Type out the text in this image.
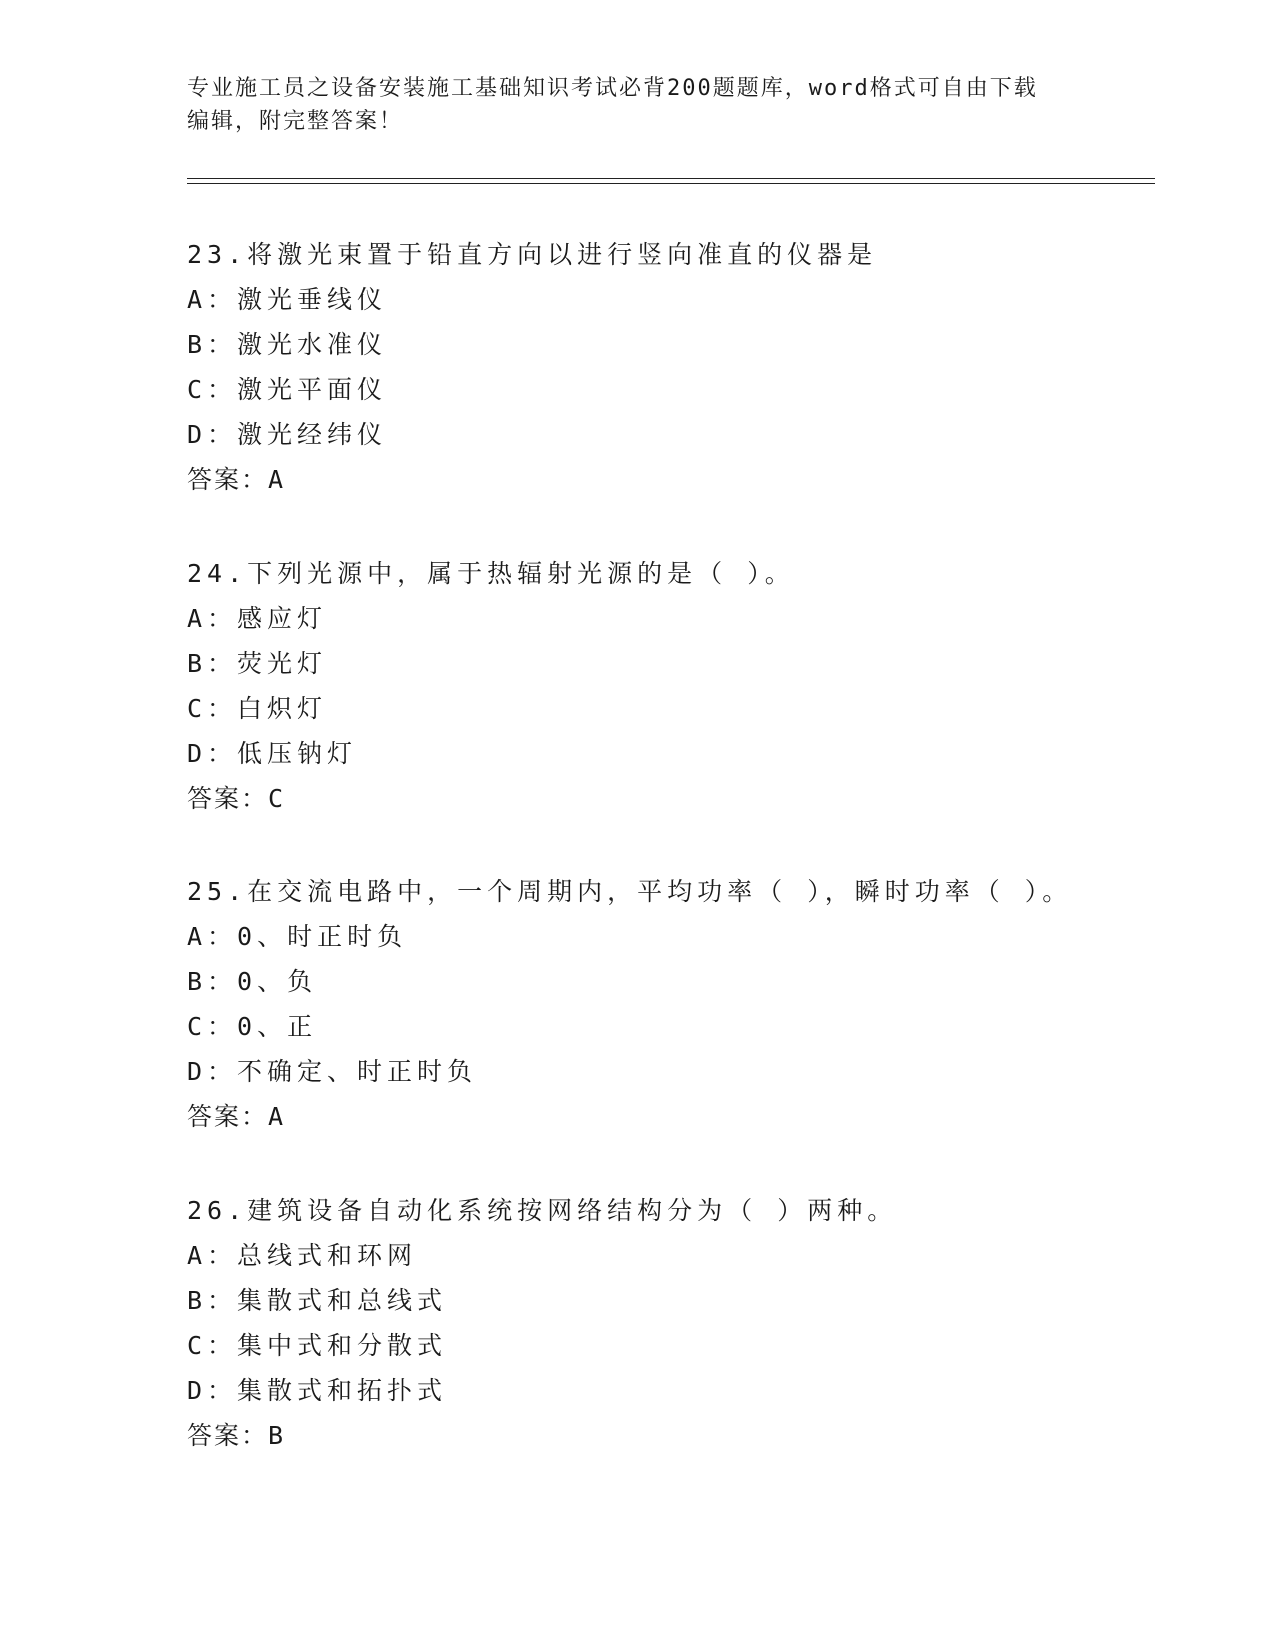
专业施工员之设备安装施工基础知识考试必背200题题库，word格式可自由下载
编辑，附完整答案！
23.将激光束置于铅直方向以进行竖向准直的仪器是
A：激光垂线仪
B：激光水准仪
C：激光平面仪
D：激光经纬仪
答案：A
24.下列光源中，属于热辐射光源的是（ ）。
A：感应灯
B：荧光灯
C：白炽灯
D：低压钠灯
答案：C
25.在交流电路中，一个周期内，平均功率（ ），瞬时功率（ ）。
A：0、时正时负
B：0、负
C：0、正
D：不确定、时正时负
答案：A
26.建筑设备自动化系统按网络结构分为（ ）两种。
A：总线式和环网
B：集散式和总线式
C：集中式和分散式
D：集散式和拓扑式
答案：B
